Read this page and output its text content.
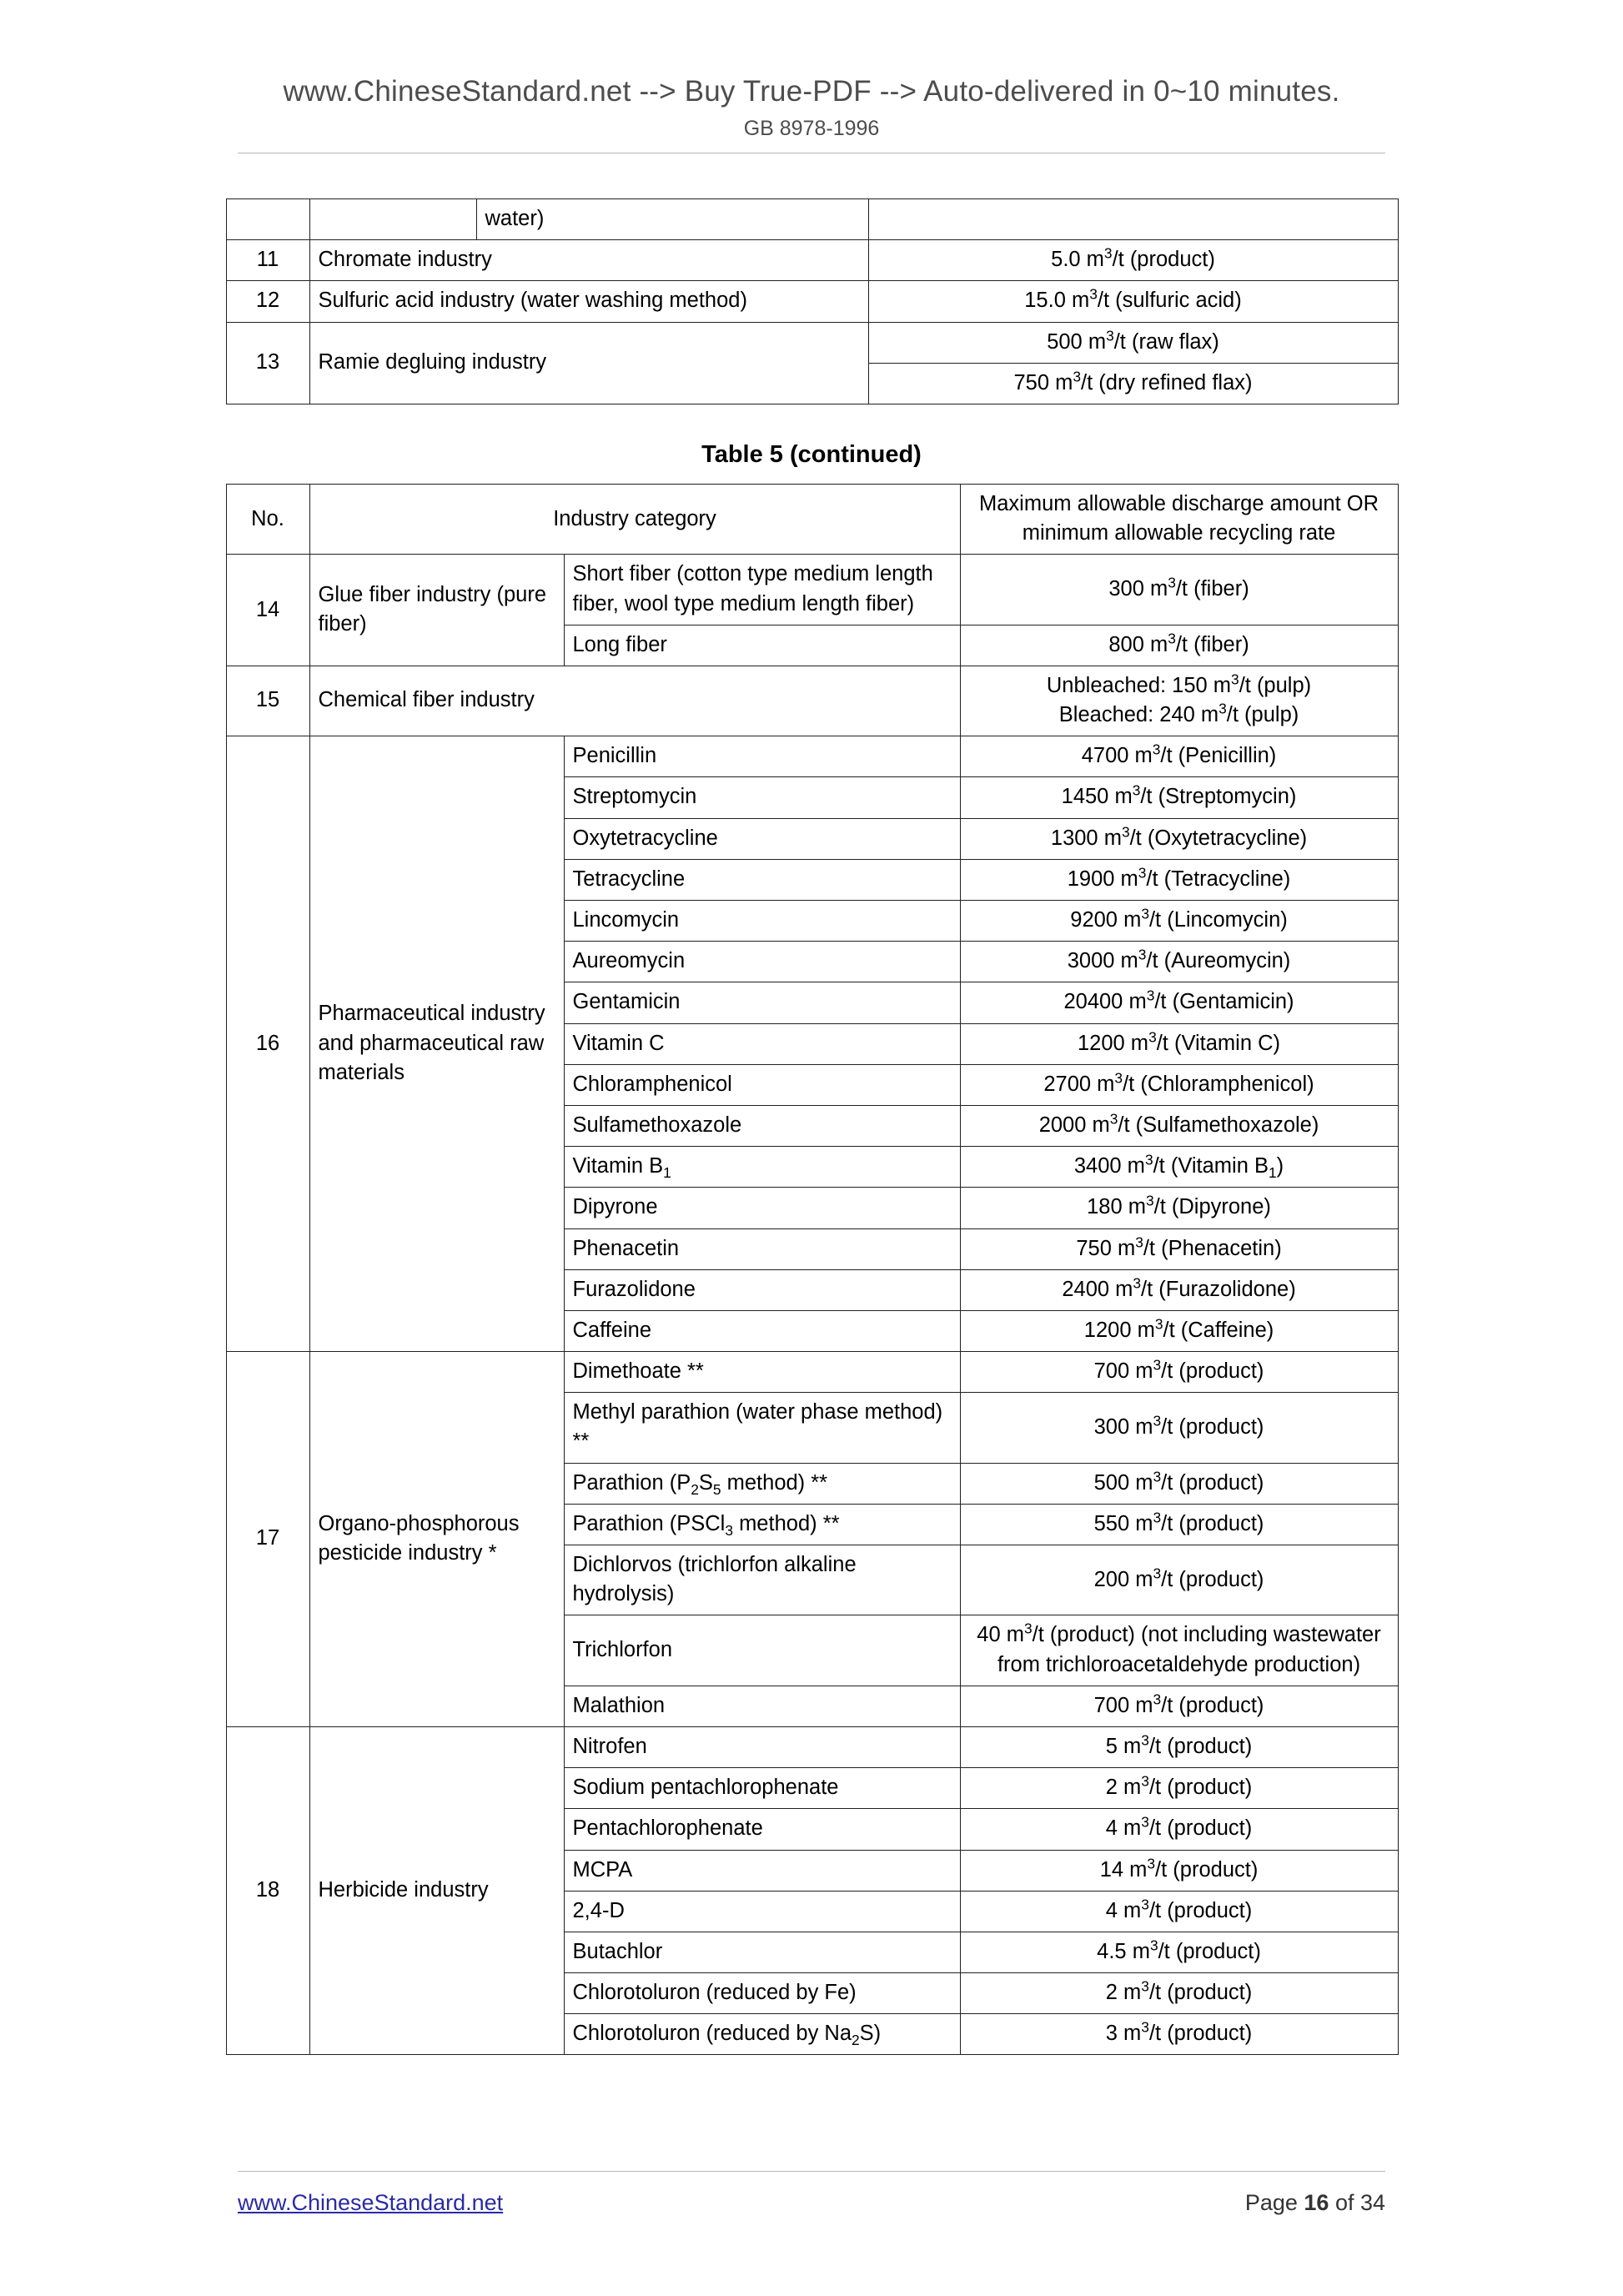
www.ChineseStandard.net --> Buy True-PDF --> Auto-delivered in 0~10 minutes.
GB 8978-1996
		water)	
11	Chromate industry		5.0 $m^3/t$ (product)
12	Sulfuric acid industry (water washing method)		15.0 $m^3/t$ (sulfuric acid)
13	Ramie degluing industry		500 $m^3/t$ (raw flax)
			750 $m^3/t$ (dry refined flax)
Table 5 (continued)
No.	Industry category		Maximum allowable discharge amount OR minimum allowable recycling rate
14	Glue fiber industry (pure fiber)	Short fiber (cotton type medium length fiber, wool type medium length fiber)	300 $m^3/t$ (fiber)
		Long fiber	800 $m^3/t$ (fiber)
15	Chemical fiber industry		Unbleached: 150 $m^3/t$ (pulp)
Bleached: 240 $m^3/t$ (pulp)
16	Pharmaceutical industry and pharmaceutical raw materials	Penicillin	4700 $m^3/t$ (Penicillin)
		Streptomycin	1450 $m^3/t$ (Streptomycin)
		Oxytetracycline	1300 $m^3/t$ (Oxytetracycline)
		Tetracycline	1900 $m^3/t$ (Tetracycline)
		Lincomycin	9200 $m^3/t$ (Lincomycin)
		Aureomycin	3000 $m^3/t$ (Aureomycin)
		Gentamicin	20400 $m^3/t$ (Gentamicin)
		Vitamin C	1200 $m^3/t$ (Vitamin C)
		Chloramphenicol	2700 $m^3/t$ (Chloramphenicol)
		Sulfamethoxazole	2000 $m^3/t$ (Sulfamethoxazole)
		Vitamin $B_1$	3400 $m^3/t$ (Vitamin $B_1$)
		Dipyrone	180 $m^3/t$ (Dipyrone)
		Phenacetin	750 $m^3/t$ (Phenacetin)
		Furazolidone	2400 $m^3/t$ (Furazolidone)
		Caffeine	1200 $m^3/t$ (Caffeine)
17	Organo-phosphorous pesticide industry *	Dimethoate **	700 $m^3/t$ (product)
		Methyl parathion (water phase method) **	300 $m^3/t$ (product)
		Parathion ($P_2S_5$ method) **	500 $m^3/t$ (product)
		Parathion (PSCl$_3$ method) **	550 $m^3/t$ (product)
		Dichlorvos (trichlorfon alkaline hydrolysis)	200 $m^3/t$ (product)
		Trichlorfon	40 $m^3/t$ (product) (not including wastewater from trichloroacetaldehyde production)
		Malathion	700 $m^3/t$ (product)
18	Herbicide industry	Nitrofen	5 $m^3/t$ (product)
		Sodium pentachlorophenate	2 $m^3/t$ (product)
		Pentachlorophenate	4 $m^3/t$ (product)
		MCPA	14 $m^3/t$ (product)
		2,4-D	4 $m^3/t$ (product)
		Butachlor	4.5 $m^3/t$ (product)
		Chlorotoluron (reduced by Fe)	2 $m^3/t$ (product)
		Chlorotoluron (reduced by $Na_2S$)	3 $m^3/t$ (product)
www.ChineseStandard.net	Page 16 of 34
